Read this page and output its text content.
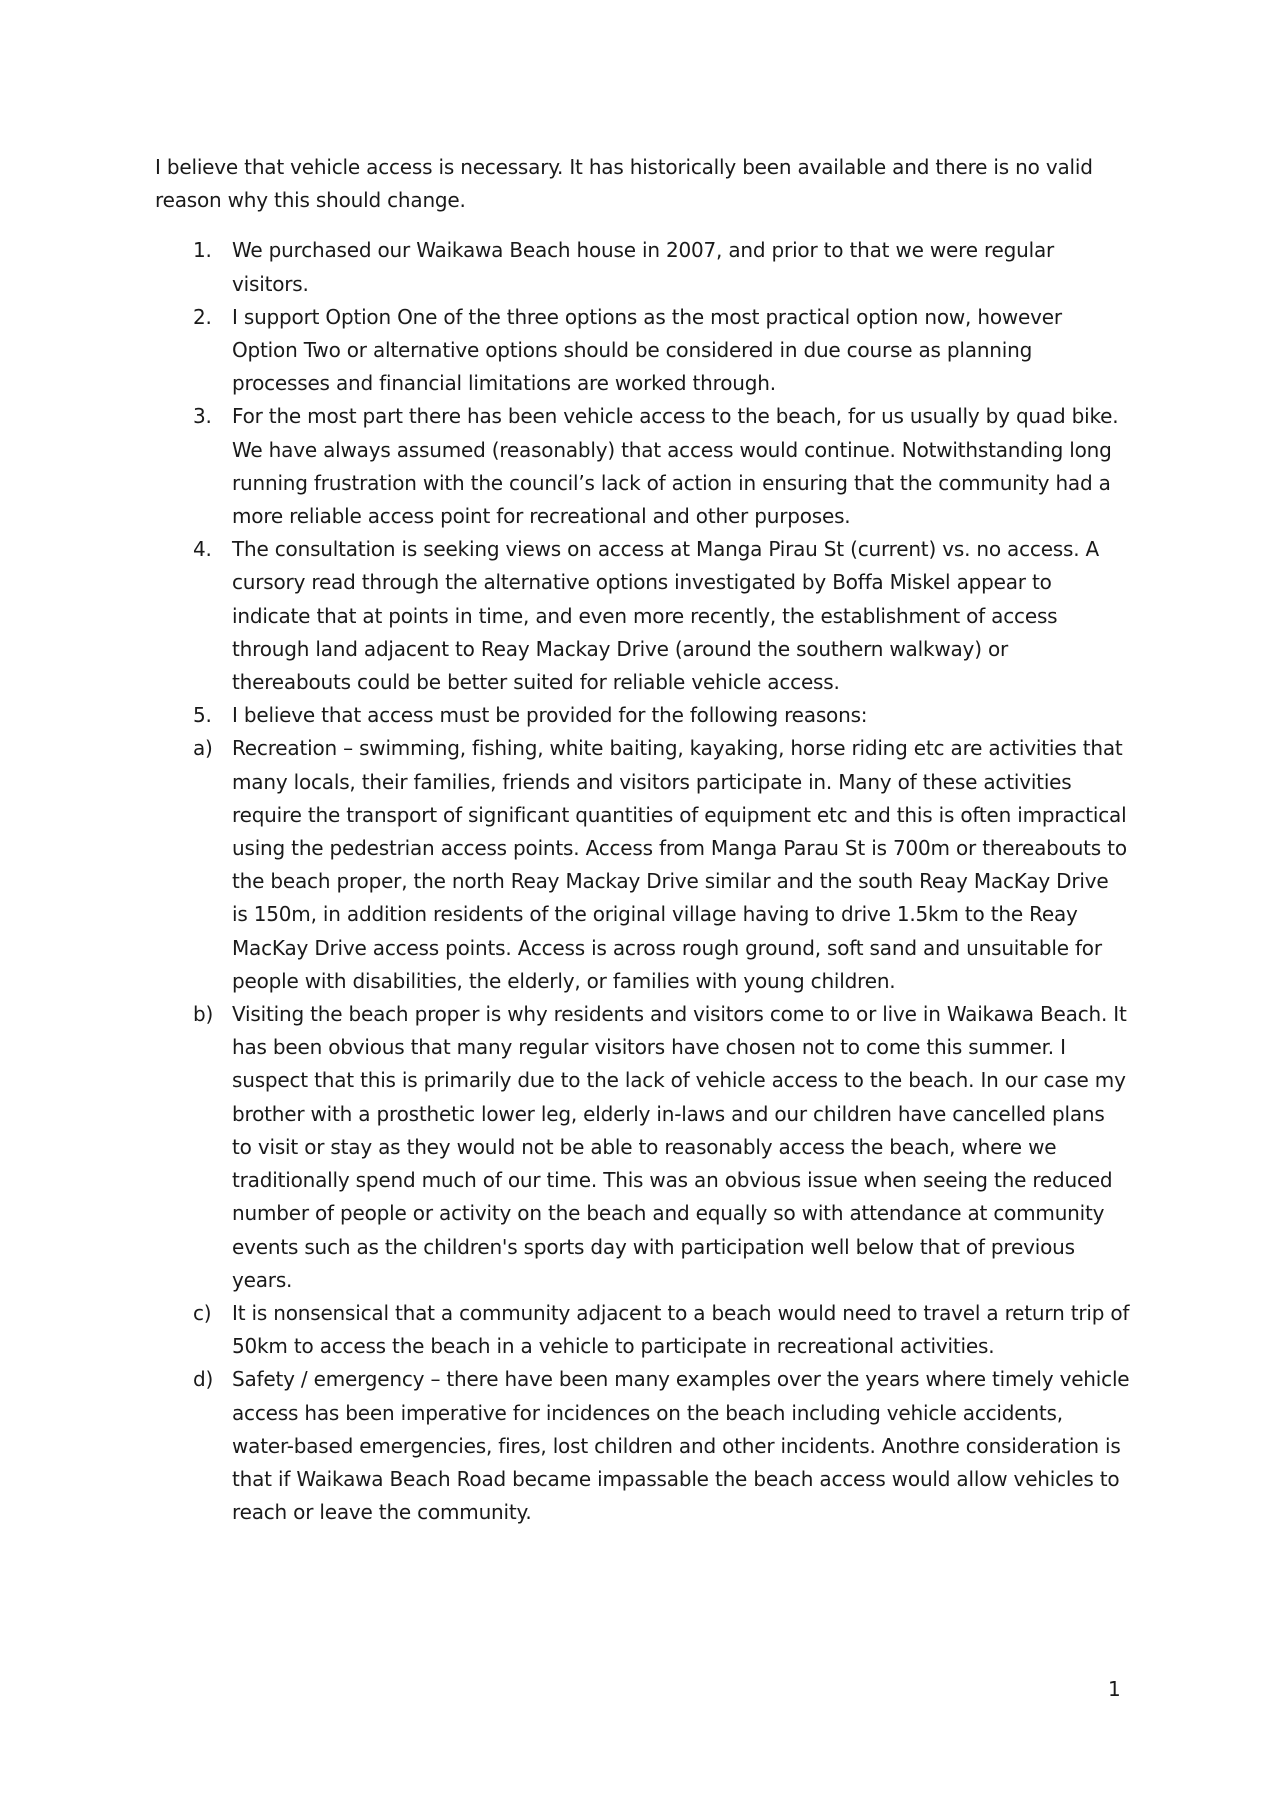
I believe that vehicle access is necessary. It has historically been available and there is no valid reason why this should change.

1. We purchased our Waikawa Beach house in 2007, and prior to that we were regular visitors.
2. I support Option One of the three options as the most practical option now, however Option Two or alternative options should be considered in due course as planning processes and financial limitations are worked through.
3. For the most part there has been vehicle access to the beach, for us usually by quad bike. We have always assumed (reasonably) that access would continue. Notwithstanding long running frustration with the council’s lack of action in ensuring that the community had a more reliable access point for recreational and other purposes.
4. The consultation is seeking views on access at Manga Pirau St (current) vs. no access. A cursory read through the alternative options investigated by Boffa Miskel appear to indicate that at points in time, and even more recently, the establishment of access through land adjacent to Reay Mackay Drive (around the southern walkway) or thereabouts could be better suited for reliable vehicle access.
5. I believe that access must be provided for the following reasons:
a) Recreation – swimming, fishing, white baiting, kayaking, horse riding etc are activities that many locals, their families, friends and visitors participate in. Many of these activities require the transport of significant quantities of equipment etc and this is often impractical using the pedestrian access points. Access from Manga Parau St is 700m or thereabouts to the beach proper, the north Reay Mackay Drive similar and the south Reay MacKay Drive is 150m, in addition residents of the original village having to drive 1.5km to the Reay MacKay Drive access points. Access is across rough ground, soft sand and unsuitable for people with disabilities, the elderly, or families with young children.
b) Visiting the beach proper is why residents and visitors come to or live in Waikawa Beach. It has been obvious that many regular visitors have chosen not to come this summer. I suspect that this is primarily due to the lack of vehicle access to the beach. In our case my brother with a prosthetic lower leg, elderly in-laws and our children have cancelled plans to visit or stay as they would not be able to reasonably access the beach, where we traditionally spend much of our time. This was an obvious issue when seeing the reduced number of people or activity on the beach and equally so with attendance at community events such as the children's sports day with participation well below that of previous years.
c) It is nonsensical that a community adjacent to a beach would need to travel a return trip of 50km to access the beach in a vehicle to participate in recreational activities.
d) Safety / emergency – there have been many examples over the years where timely vehicle access has been imperative for incidences on the beach including vehicle accidents, water-based emergencies, fires, lost children and other incidents. Anothre consideration is that if Waikawa Beach Road became impassable the beach access would allow vehicles to reach or leave the community.
1
